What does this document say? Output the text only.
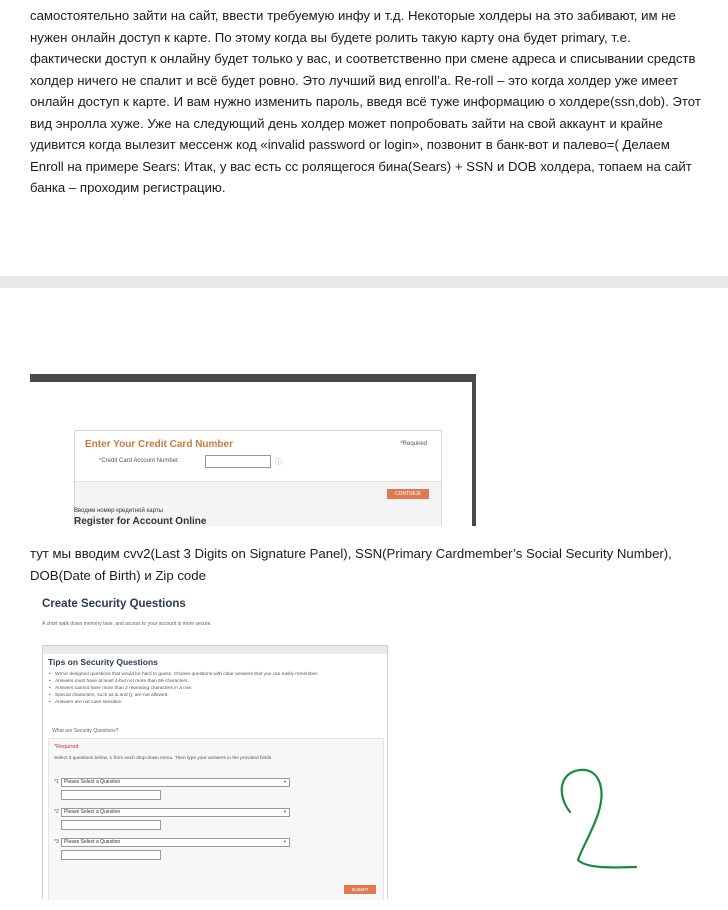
самостоятельно зайти на сайт, ввести требуемую инфу и т.д. Некоторые холдеры на это забивают, им не нужен онлайн доступ к карте. По этому когда вы будете ролить такую карту она будет primary, т.е. фактически доступ к онлайну будет только у вас, и соответственно при смене адреса и списывании средств холдер ничего не спалит и всё будет ровно. Это лучший вид enroll’a. Re-roll – это когда холдер уже имеет онлайн доступ к карте. И вам нужно изменить пароль, введя всё туже информацию о холдере(ssn,dob). Этот вид энролла хуже. Уже на следующий день холдер может попробовать зайти на свой аккаунт и крайне удивится когда вылезит мессенж код «invalid password or login», позвонит в банк-вот и палево=( Делаем Enroll на примере Sears: Итак, у вас есть сс ролящегося бина(Sears) + SSN и DOB холдера, топаем на сайт банка – проходим регистрацию.
Enter Your Credit Card Number	*Required
*Credit Card Account Number:	ⓘ
CONTINUE
Вводим номер кредитной карты
Register for Account Online
тут мы вводим cvv2(Last 3 Digits on Signature Panel), SSN(Primary Cardmember’s Social Security Number), DOB(Date of Birth) и Zip code
Create Security Questions
A short walk down memory lane, and access to your account is more secure.
Tips on Security Questions
• We've designed questions that would be hard to guess. Choose questions with clear answers that you can easily remember.
• Answers must have at least 4-but not more than 56-characters.
• Answers cannot have more than 2 repeating characters in a row.
• Special characters, such as & and (), are not allowed.
• Answers are not case sensitive.
· What are Security Questions?
*Required
Select 3 questions below, 1 from each drop-down menu. Then type your answers in the provided fields.
*1	Please Select a Question	▼
*2	Please Select a Question	▼
*3	Please Select a Question	▼
SUBMIT
